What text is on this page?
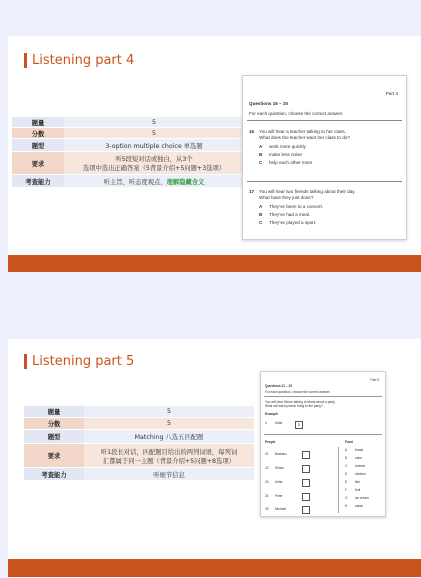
Listening part 4
题量	5
分数	5
题型	3-option multiple choice 单选题
要求	听5段短对话或独白，从3个
选项中选出正确答案（5背景介绍+5问题+3选项）

考查能力	听主旨、听态度观点、理解隐藏含义
Part 4
Questions 16 – 20
For each question, choose the correct answer.
16 You will hear a teacher talking to her class.
What does the teacher want her class to do?
A work more quickly
B make less noise
C help each other more
17 You will hear two friends talking about their day.
What have they just done?
A They've been to a concert.
B They've had a meal.
C They've played a sport.
Listening part 5
题量	5
分数	5
题型	Matching 八选五匹配题
要求	听1段长对话，匹配题目给出的两列词语，每列词
汇都属于同一主题（背景介绍+5问题+8选项）

考查能力	听细节信息
Part 5
Questions 21 – 25
For each question, choose the correct answer.
You will hear Simon talking to Maria about a party.
What will each person bring to the party?
Example
0	Katie	D
People	Food
21 Barbara
22 Simon
23 Anita
24 Peter
25 Michael
A bread
B cake
C cheese
D chicken
E fish
F	fruit
G ice cream
H salad
